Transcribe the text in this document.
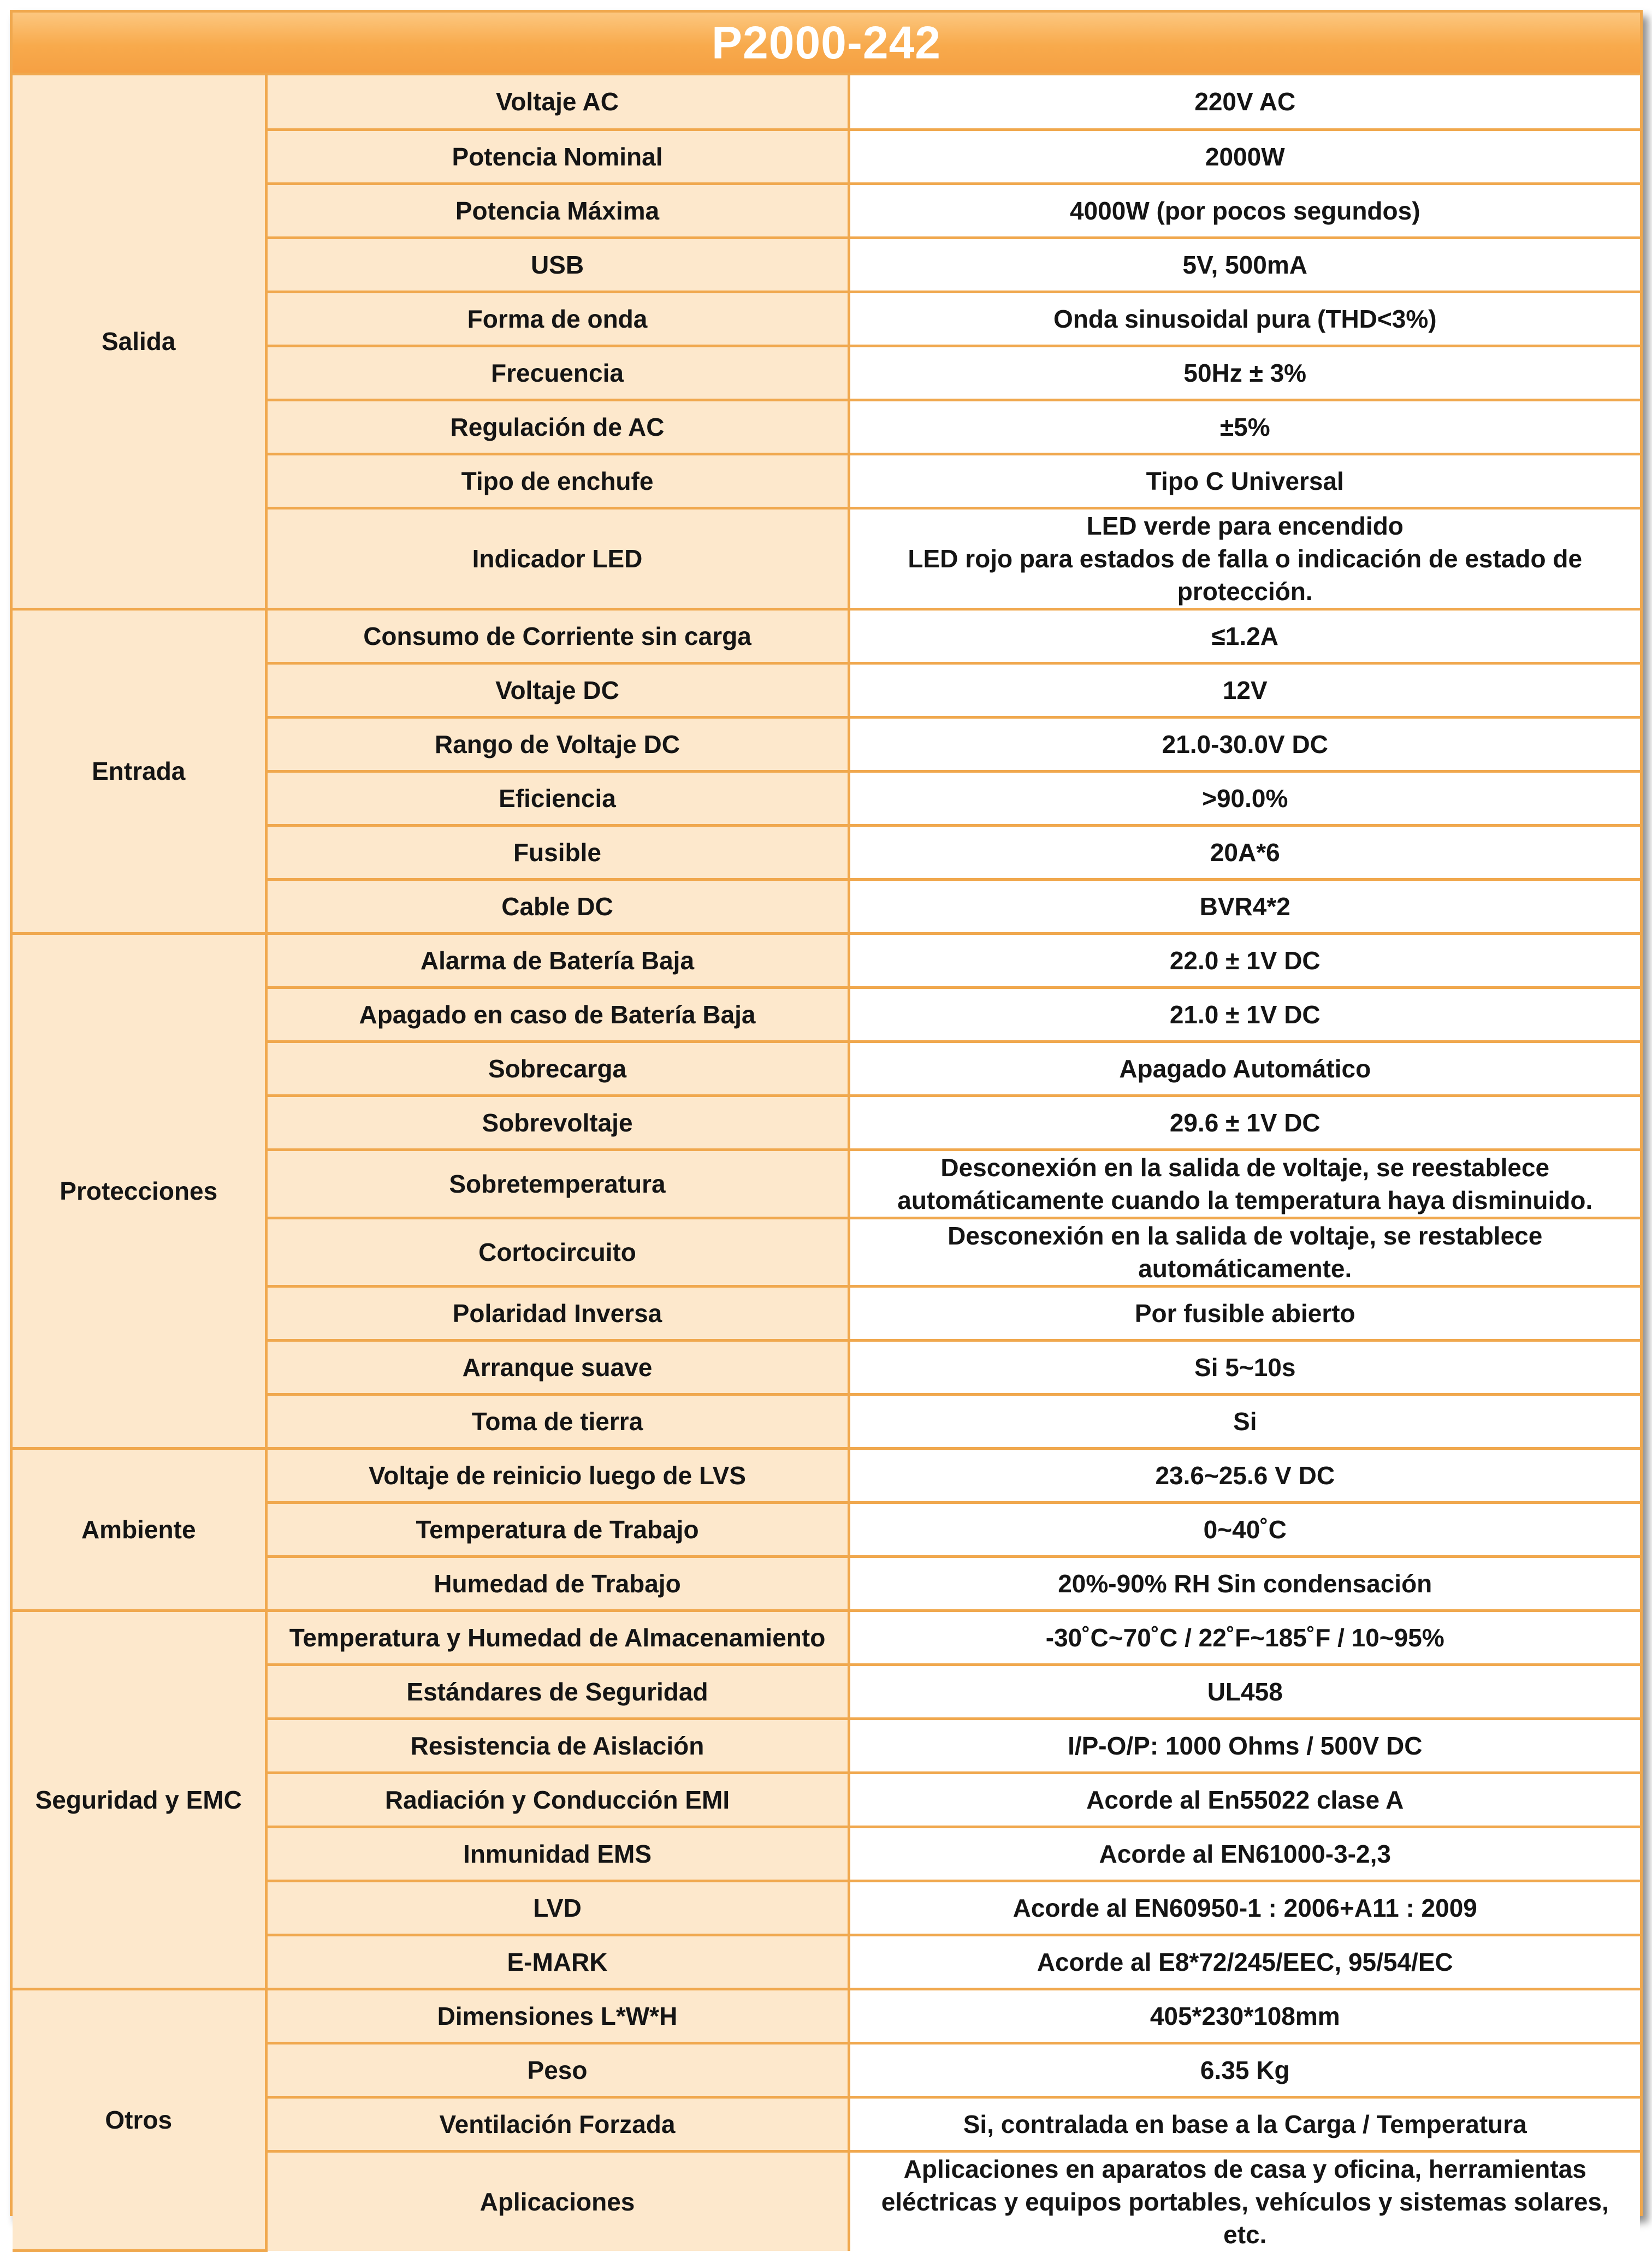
P2000-242
Salida	Voltaje AC	220V AC
	Potencia Nominal	2000W
	Potencia Máxima	4000W (por pocos segundos)
	USB	5V, 500mA
	Forma de onda	Onda sinusoidal pura (THD<3%)
	Frecuencia	50Hz ± 3%
	Regulación de AC	±5%
	Tipo de enchufe	Tipo C Universal
	Indicador LED	LED verde para encendido
LED rojo para estados de falla o indicación de estado de protección.
Entrada	Consumo de Corriente sin carga	≤1.2A
	Voltaje DC	12V
	Rango de Voltaje DC	21.0-30.0V DC
	Eficiencia	>90.0%
	Fusible	20A*6
	Cable DC	BVR4*2
Protecciones	Alarma de Batería Baja	22.0 ± 1V DC
	Apagado en caso de Batería Baja	21.0 ± 1V DC
	Sobrecarga	Apagado Automático
	Sobrevoltaje	29.6 ± 1V DC
	Sobretemperatura	Desconexión en la salida de voltaje, se reestablece automáticamente cuando la temperatura haya disminuido.
	Cortocircuito	Desconexión en la salida de voltaje, se restablece automáticamente.
	Polaridad Inversa	Por fusible abierto
	Arranque suave	Si 5~10s
	Toma de tierra	Si
Ambiente	Voltaje de reinicio luego de LVS	23.6~25.6 V DC
	Temperatura de Trabajo	0~40˚C
	Humedad de Trabajo	20%-90% RH Sin condensación
Seguridad y EMC	Temperatura y Humedad de Almacenamiento	-30˚C~70˚C / 22˚F~185˚F / 10~95%
	Estándares de Seguridad	UL458
	Resistencia de Aislación	I/P-O/P: 1000 Ohms / 500V DC
	Radiación y Conducción EMI	Acorde al En55022 clase A
	Inmunidad EMS	Acorde al EN61000-3-2,3
	LVD	Acorde al EN60950-1 : 2006+A11 : 2009
	E-MARK	Acorde al E8*72/245/EEC, 95/54/EC
Otros	Dimensiones L*W*H	405*230*108mm
	Peso	6.35 Kg
	Ventilación Forzada	Si, contralada en base a la Carga / Temperatura
	Aplicaciones	Aplicaciones en aparatos de casa y oficina, herramientas eléctricas y equipos portables, vehículos y sistemas solares, etc.
